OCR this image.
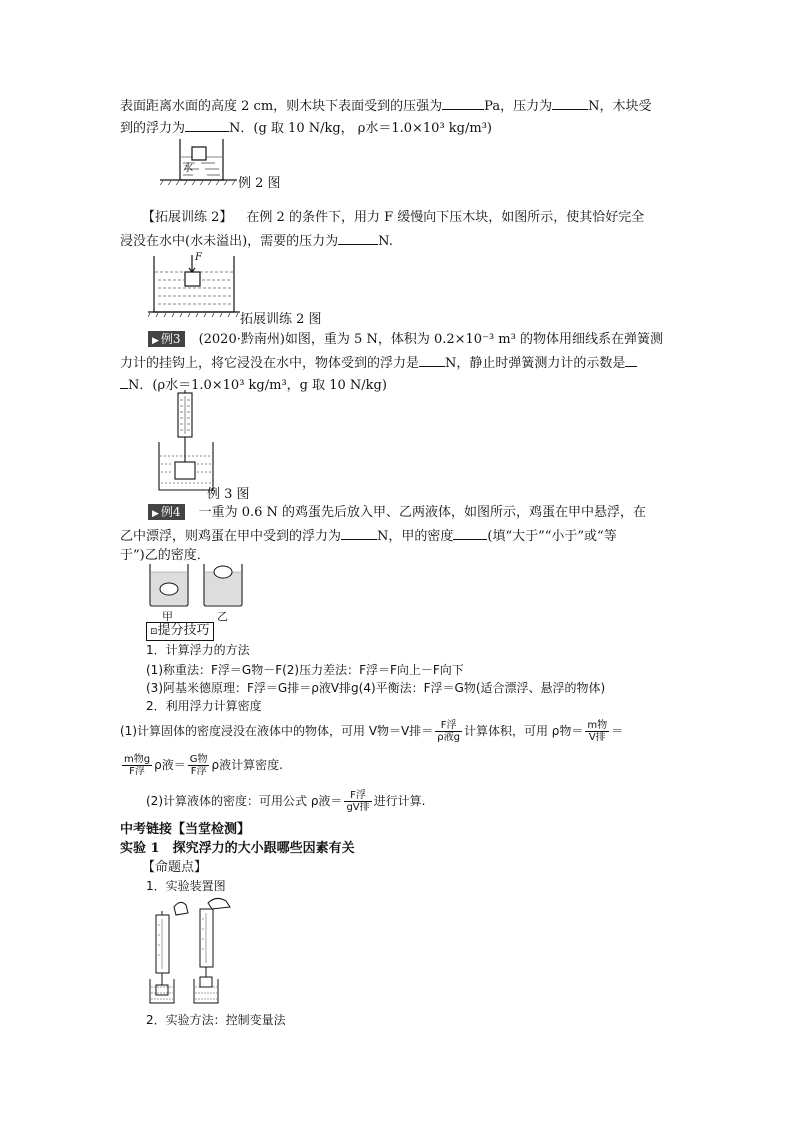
表面距离水面的高度 2 cm，则木块下表面受到的压强为	Pa，压力为	N，木块受
到的浮力为	N．(g 取 10 N/kg， ρ水＝1.0×10³ kg/m³)
水
例 2 图
【拓展训练 2】 在例 2 的条件下，用力 F 缓慢向下压木块，如图所示，使其恰好完全
浸没在水中(水未溢出)，需要的压力为	N.
F
拓展训练 2 图
▶ 例3 (2020·黔南州)如图，重为 5 N，体积为 0.2×10⁻³ m³ 的物体用细线系在弹簧测
力计的挂钩上，将它浸没在水中，物体受到的浮力是 N，静止时弹簧测力计的示数是
N．(ρ水＝1.0×10³ kg/m³，g 取 10 N/kg)
例 3 图
▶ 例4 一重为 0.6 N 的鸡蛋先后放入甲、乙两液体，如图所示，鸡蛋在甲中悬浮，在
乙中漂浮，则鸡蛋在甲中受到的浮力为	N，甲的密度	(填“大于”“小于”或“等
于”)乙的密度．
甲	乙
⊡提分技巧
1．计算浮力的方法
(1)称重法：F浮＝G物－F(2)压力差法：F浮＝F向上－F向下
(3)阿基米德原理：F浮＝G排＝ρ液V排g(4)平衡法：F浮＝G物(适合漂浮、悬浮的物体)
2．利用浮力计算密度
(1)计算固体的密度浸没在液体中的物体，可用 V物＝V排＝ $\frac{\text{F浮}}{\text{ρ液g}}$ 计算体积，可用 ρ物＝ $\frac{\text{m物}}{\text{V排}}$ ＝
$\frac{\text{m物g}}{\text{F浮}}$ ρ液＝ $\frac{\text{G物}}{\text{F浮}}$ ρ液计算密度.
(2)计算液体的密度：可用公式 ρ液＝ $\frac{\text{F浮}}{\text{gV排}}$ 进行计算.
中考链接【当堂检测】
实验 1　探究浮力的大小跟哪些因素有关
【命题点】
1．实验装置图
2．实验方法：控制变量法
